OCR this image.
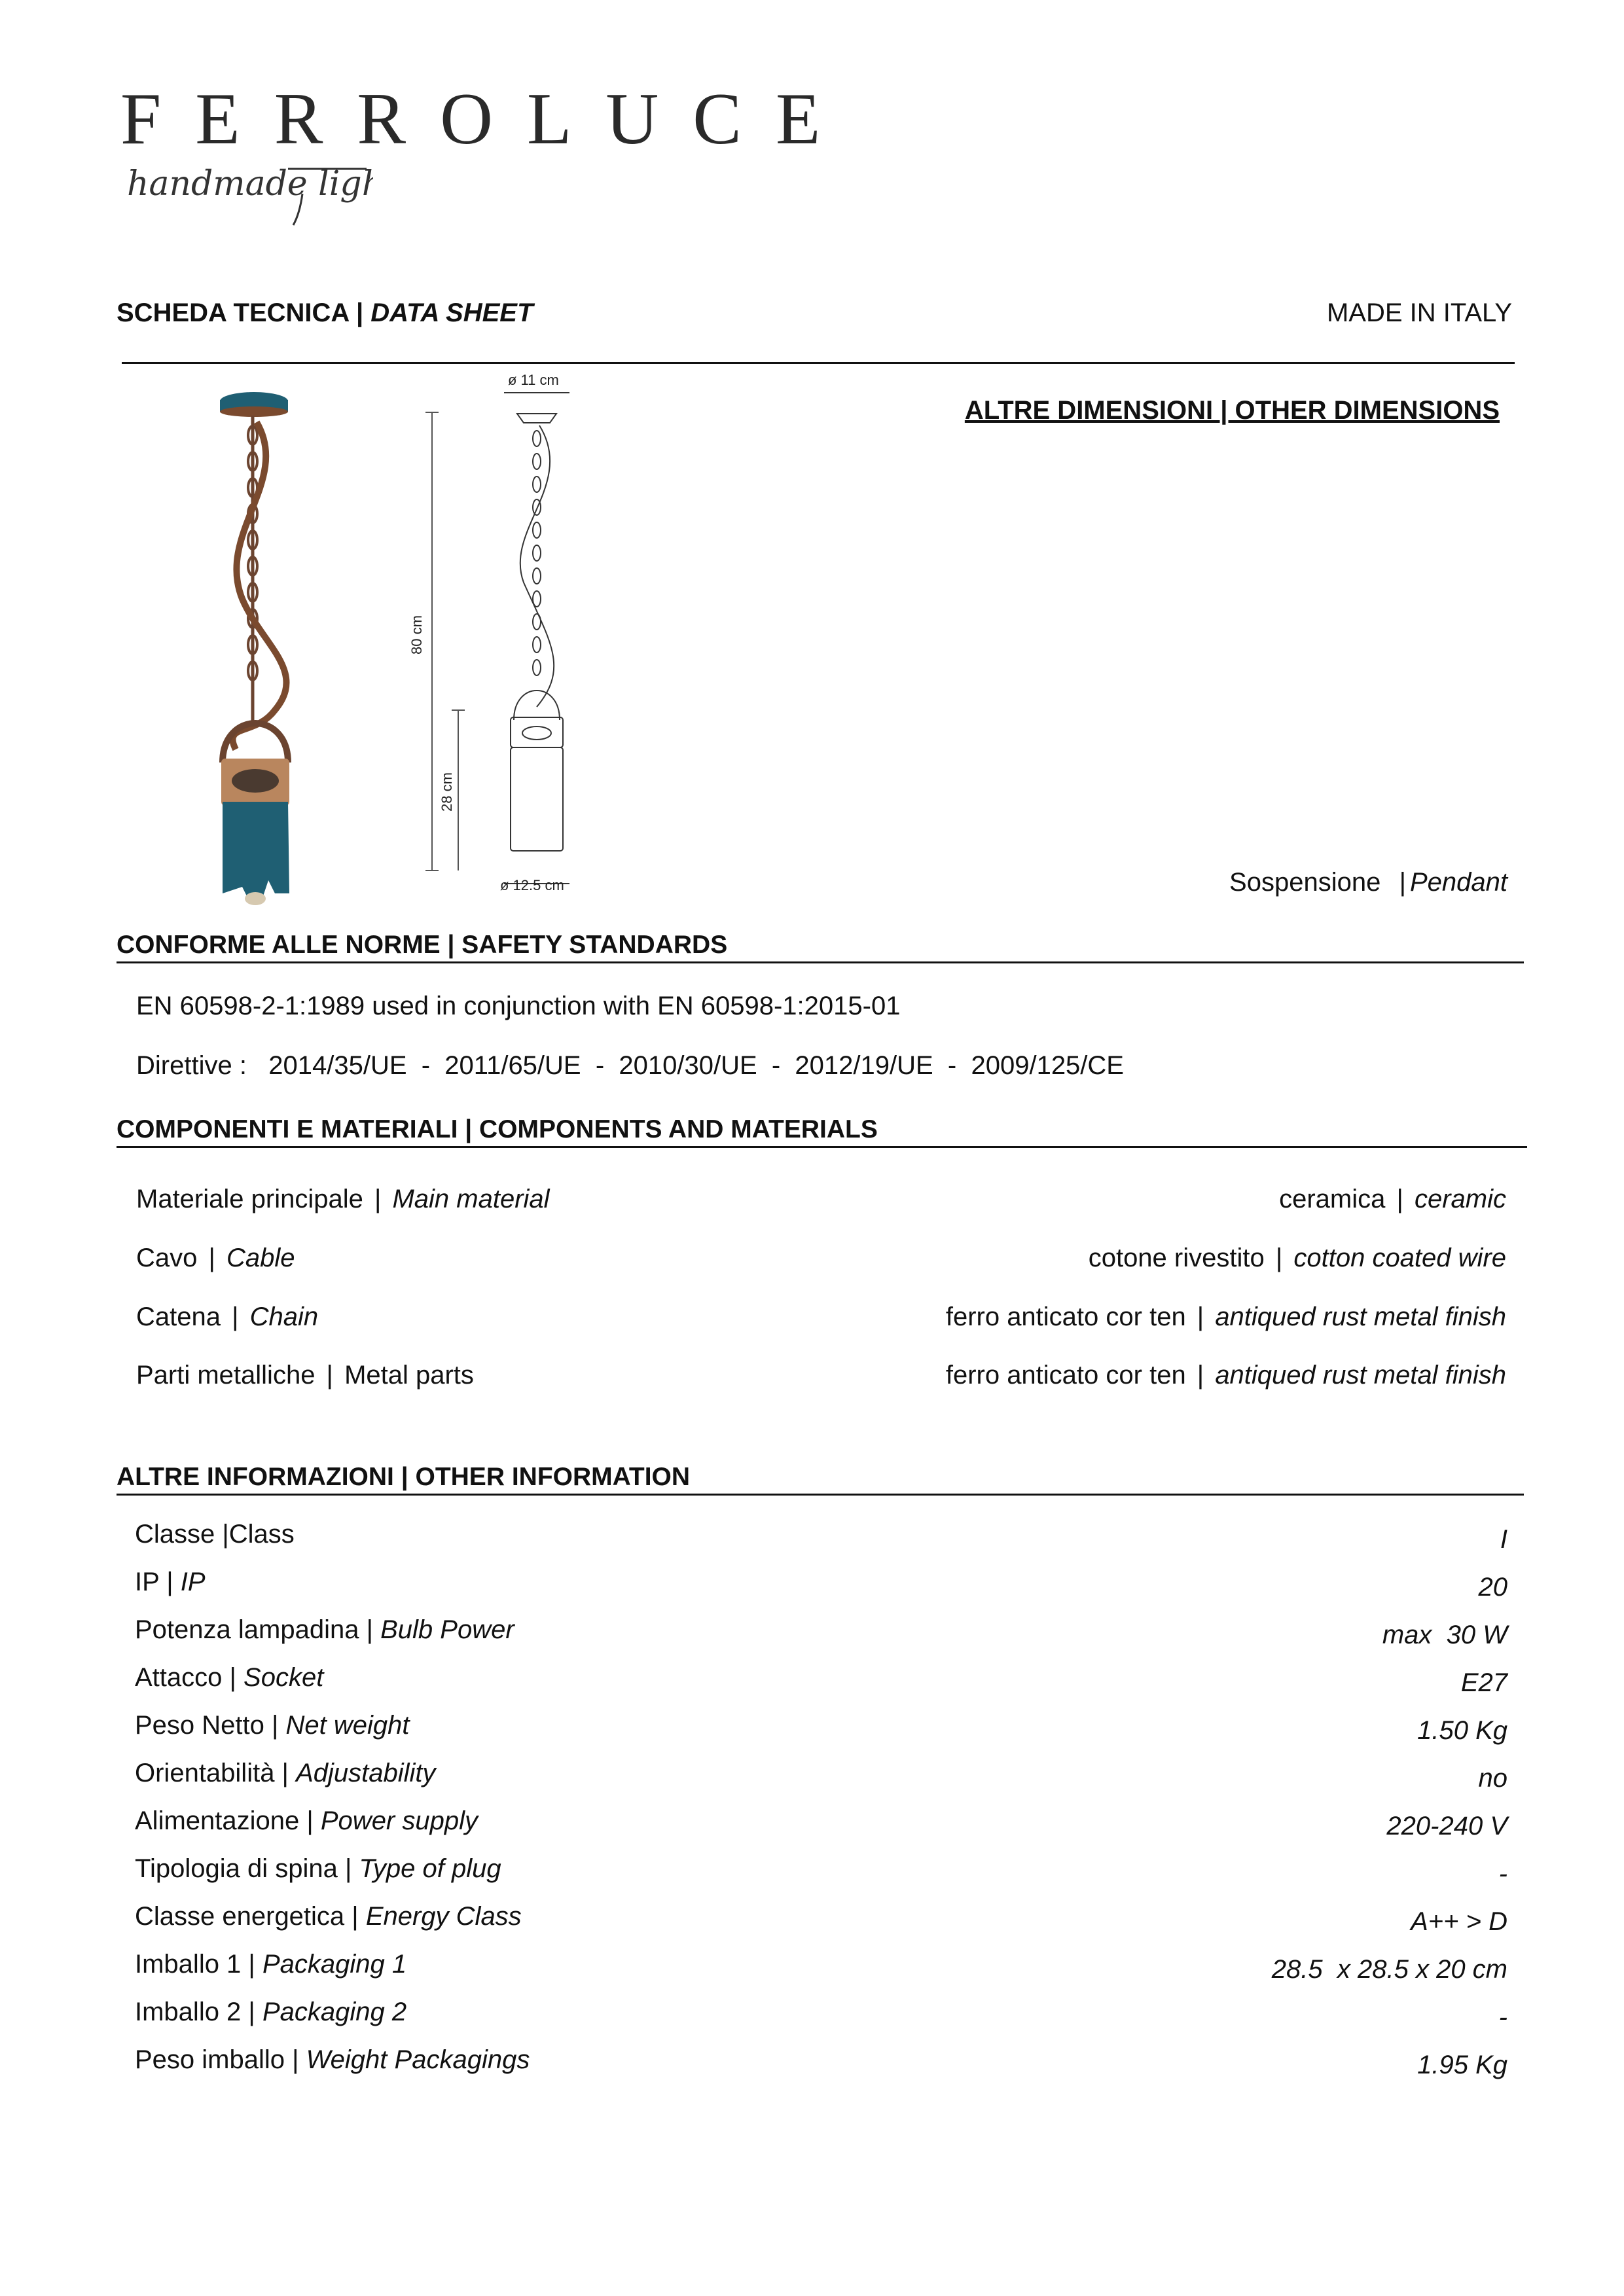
FERROLUCE
handmade light
SCHEDA TECNICA | DATA SHEET	MADE IN ITALY
ø 11 cm
80 cm
28 cm
ø 12.5 cm
ALTRE DIMENSIONI | OTHER DIMENSIONS
Sospensione  | Pendant
CONFORME ALLE NORME | SAFETY STANDARDS
EN 60598-2-1:1989 used in conjunction with EN 60598-1:2015-01
Direttive :   2014/35/UE  -  2011/65/UE  -  2010/30/UE  -  2012/19/UE  -  2009/125/CE
COMPONENTI E MATERIALI | COMPONENTS AND MATERIALS
Materiale principale | Main material	ceramica | ceramic
Cavo | Cable	cotone rivestito | cotton coated wire
Catena | Chain	ferro anticato cor ten | antiqued rust metal finish
Parti metalliche | Metal parts	ferro anticato cor ten | antiqued rust metal finish
ALTRE INFORMAZIONI | OTHER INFORMATION
Classe |Class	I
IP | IP	20
Potenza lampadina | Bulb Power	max  30 W
Attacco | Socket	E27
Peso Netto | Net weight	1.50 Kg
Orientabilità | Adjustability	no
Alimentazione | Power supply	220-240 V
Tipologia di spina | Type of plug	-
Classe energetica | Energy Class	A++ > D
Imballo 1 | Packaging 1	28.5  x 28.5 x 20 cm
Imballo 2 | Packaging 2	-
Peso imballo | Weight Packagings	1.95 Kg
